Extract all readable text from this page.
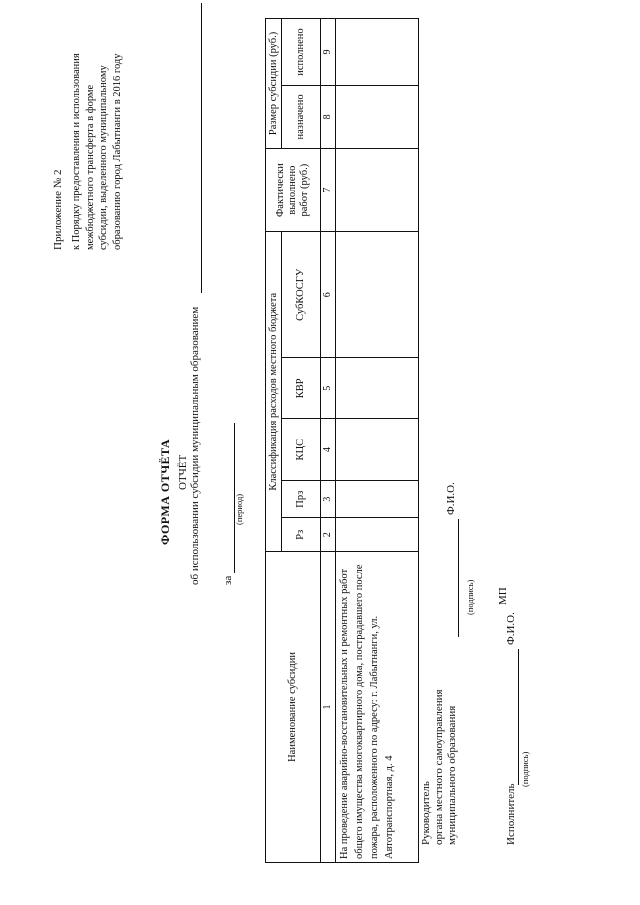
Приложение № 2 к Порядку предоставления и использования межбюджетного трансферта в форме субсидии, выделенного муниципальному образованию город Лабытнанги в 2016 году
ФОРМА ОТЧЁТА ОТЧЁТ об использовании субсидии муниципальным образованием за
(период)
Наименование субсидии	Классификация расходов местного бюджета					Фактически выполнено работ (руб.)	Размер субсидии (руб.)	
	Рз	Прз	КЦС	КВР	СубКОСГУ		назначено	исполнено
1	2	3	4	5	6	7	8	9
На проведение аварийно-восстановительных и ремонтных работ общего имущества многоквартирного дома, пострадавшего после пожара, расположенного по адресу: г. Лабытнанги, ул. Автотранспортная, д. 4								Руководитель органа местного самоуправления муниципального образования
Ф.И.О.
(подпись) МП
Исполнитель
Ф.И.О.
(подпись)
